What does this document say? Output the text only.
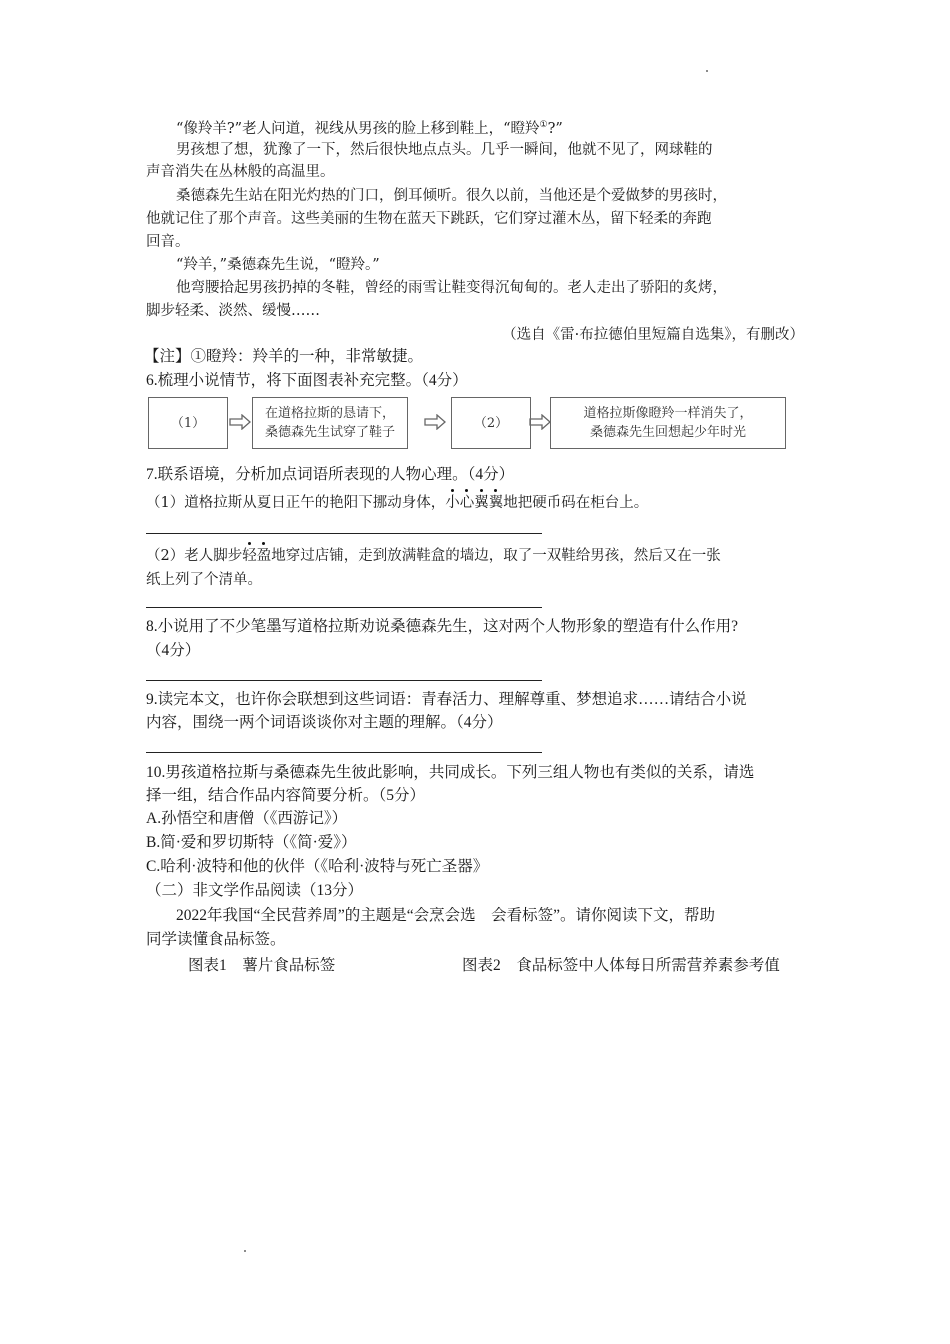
“像羚羊?”老人问道，视线从男孩的脸上移到鞋上，“瞪羚①?”
男孩想了想，犹豫了一下，然后很快地点点头。几乎一瞬间，他就不见了，网球鞋的
声音消失在丛林般的高温里。
桑德森先生站在阳光灼热的门口，倒耳倾听。很久以前，当他还是个爱做梦的男孩时，
他就记住了那个声音。这些美丽的生物在蓝天下跳跃，它们穿过灌木丛，留下轻柔的奔跑
回音。
“羚羊，”桑德森先生说，“瞪羚。”
他弯腰拾起男孩扔掉的冬鞋，曾经的雨雪让鞋变得沉甸甸的。老人走出了骄阳的炙烤，
脚步轻柔、淡然、缓慢……
（选自《雷·布拉德伯里短篇自选集》，有删改）
【注】①瞪羚：羚羊的一种，非常敏捷。
6.梳理小说情节，将下面图表补充完整。（4分）
（1）
在道格拉斯的恳请下，
桑德森先生试穿了鞋子
（2）
道格拉斯像瞪羚一样消失了，
桑德森先生回想起少年时光
7.联系语境，分析加点词语所表现的人物心理。（4分）
（1）道格拉斯从夏日正午的艳阳下挪动身体，小心翼翼地把硬币码在柜台上。
（2）老人脚步轻盈地穿过店铺，走到放满鞋盒的墙边，取了一双鞋给男孩，然后又在一张
纸上列了个清单。
8.小说用了不少笔墨写道格拉斯劝说桑德森先生，这对两个人物形象的塑造有什么作用?
（4分）
9.读完本文，也许你会联想到这些词语：青春活力、理解尊重、梦想追求……请结合小说
内容，围绕一两个词语谈谈你对主题的理解。（4分）
10.男孩道格拉斯与桑德森先生彼此影响，共同成长。下列三组人物也有类似的关系，请选
择一组，结合作品内容简要分析。（5分）
A.孙悟空和唐僧（《西游记》）
B.简·爱和罗切斯特（《简·爱》）
C.哈利·波特和他的伙伴（《哈利·波特与死亡圣器》
（二）非文学作品阅读（13分）
2022年我国“全民营养周”的主题是“会烹会选　会看标签”。请你阅读下文，帮助
同学读懂食品标签。
图表1　薯片食品标签	图表2　食品标签中人体每日所需营养素参考值
